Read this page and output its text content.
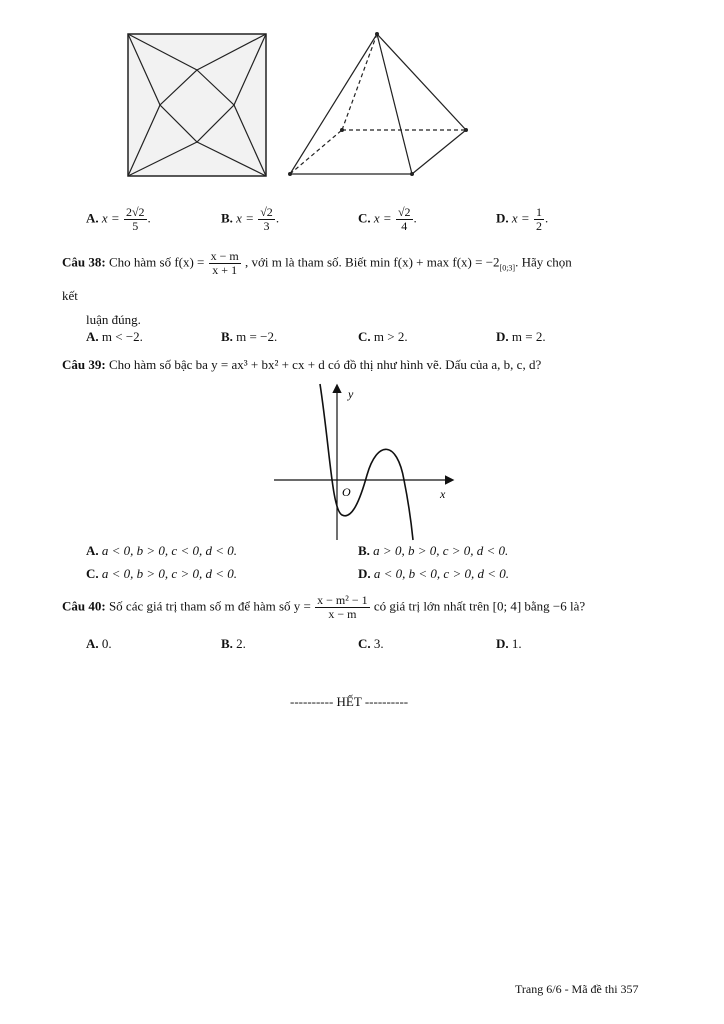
A. $x = \frac{2√2}{5}$ .	B. $x = \frac{√2}{3}$ .	C. $x = \frac{√2}{4}$ .	D. $x = \frac{1}{2}$ .
Câu 38: Cho hàm số $f(x) = \frac{x - m}{x + 1}$ , với m là tham số. Biết $\min f(x) + \max f(x) = -2_{[0;3]}$. Hãy chọn
kết
luận đúng.
A. m < −2.	B. m = −2.	C. m > 2.	D. m = 2.
Câu 39: Cho hàm số bậc ba y = ax³ + bx² + cx + d có đồ thị như hình vẽ. Dấu của a, b, c, d?
y
x
O
A. a < 0, b > 0, c < 0, d < 0.	B. a > 0, b > 0, c > 0, d < 0.
C. a < 0, b > 0, c > 0, d < 0.	D. a < 0, b < 0, c > 0, d < 0.
Câu 40: Số các giá trị tham số m để hàm số $y = \frac{\text{x − m² − 1}}{x - m}$ có giá trị lớn nhất trên [0; 4] bằng −6 là?
A. 0.	B. 2.	C. 3.	D. 1.
---------- HẾT ----------
Trang 6/6 - Mã đề thi 357
